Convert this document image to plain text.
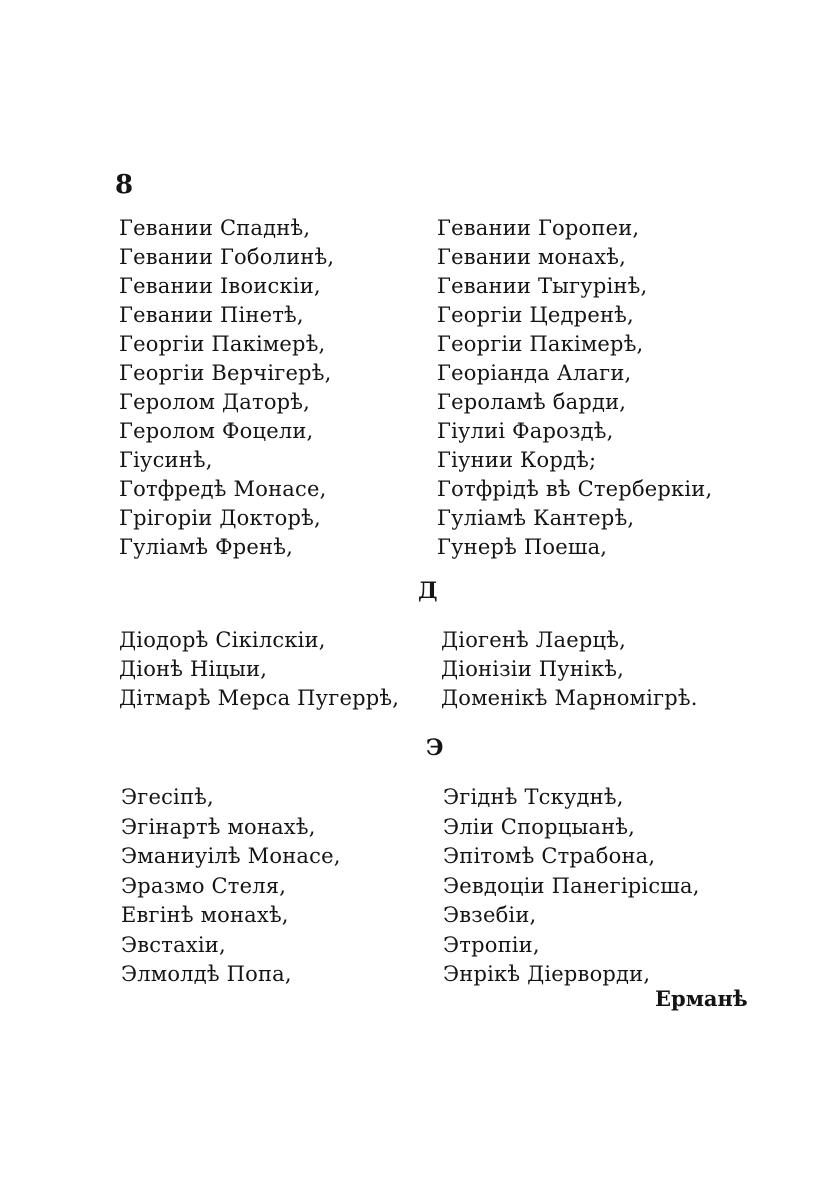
8
Гевании Спаднѣ,
Гевании Гоболинѣ,
Гевании Івоискіи,
Гевании Пінетѣ,
Георгіи Пакімерѣ,
Георгіи Верчігерѣ,
Геролом Даторѣ,
Геролом Фоцели,
Гіусинѣ,
Готфредѣ Монасе,
Грігоріи Докторѣ,
Гуліамѣ Френѣ,
Гевании Горопеи,
Гевании монахѣ,
Гевании Тыгурінѣ,
Георгіи Цедренѣ,
Георгіи Пакімерѣ,
Георіанда Алаги,
Героламѣ барди,
Гіулиі Фароздѣ,
Гіунии Кордѣ;
Готфрідѣ вѣ Стерберкіи,
Гуліамѣ Кантерѣ,
Гунерѣ Поеша,
Д
Діодорѣ Сікілскіи,
Діонѣ Ніцыи,
Дітмарѣ Мерса Пугеррѣ,
Діогенѣ Лаерцѣ,
Діонізіи Пунікѣ,
Доменікѣ Марномігрѣ.
Э
Эгесіпѣ,
Эгінартѣ монахѣ,
Эманиуілѣ Монасе,
Эразмо Стеля,
Евгінѣ монахѣ,
Эвстахіи,
Элмолдѣ Попа,
Эгіднѣ Тскуднѣ,
Эліи Спорцыанѣ,
Эпітомѣ Страбона,
Эевдоціи Панегірісша,
Эвзебіи,
Этропіи,
Энрікѣ Діерворди,
Ерманѣ
